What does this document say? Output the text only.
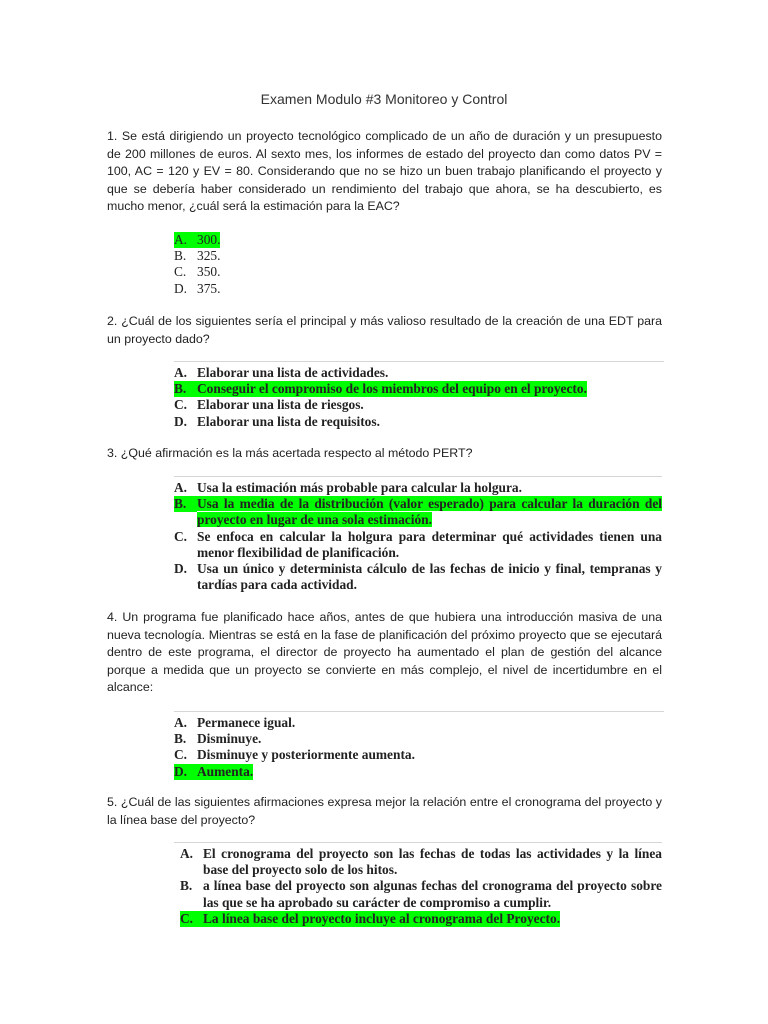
Examen Modulo #3 Monitoreo y Control
1. Se está dirigiendo un proyecto tecnológico complicado de un año de duración y un presupuesto de 200 millones de euros. Al sexto mes, los informes de estado del proyecto dan como datos PV = 100, AC = 120 y EV = 80. Considerando que no se hizo un buen trabajo planificando el proyecto y que se debería haber considerado un rendimiento del trabajo que ahora, se ha descubierto, es mucho menor, ¿cuál será la estimación para la EAC?
A. 300.
B. 325.
C. 350.
D. 375.
2. ¿Cuál de los siguientes sería el principal y más valioso resultado de la creación de una EDT para un proyecto dado?
A. Elaborar una lista de actividades.
B. Conseguir el compromiso de los miembros del equipo en el proyecto.
C. Elaborar una lista de riesgos.
D. Elaborar una lista de requisitos.
3. ¿Qué afirmación es la más acertada respecto al método PERT?
A. Usa la estimación más probable para calcular la holgura.
B. Usa la media de la distribución (valor esperado) para calcular la duración del proyecto en lugar de una sola estimación.
C. Se enfoca en calcular la holgura para determinar qué actividades tienen una menor flexibilidad de planificación.
D. Usa un único y determinista cálculo de las fechas de inicio y final, tempranas y tardías para cada actividad.
4. Un programa fue planificado hace años, antes de que hubiera una introducción masiva de una nueva tecnología. Mientras se está en la fase de planificación del próximo proyecto que se ejecutará dentro de este programa, el director de proyecto ha aumentado el plan de gestión del alcance porque a medida que un proyecto se convierte en más complejo, el nivel de incertidumbre en el alcance:
A. Permanece igual.
B. Disminuye.
C. Disminuye y posteriormente aumenta.
D. Aumenta.
5. ¿Cuál de las siguientes afirmaciones expresa mejor la relación entre el cronograma del proyecto y la línea base del proyecto?
A. El cronograma del proyecto son las fechas de todas las actividades y la línea base del proyecto solo de los hitos.
B. a línea base del proyecto son algunas fechas del cronograma del proyecto sobre las que se ha aprobado su carácter de compromiso a cumplir.
C. La línea base del proyecto incluye al cronograma del Proyecto.
